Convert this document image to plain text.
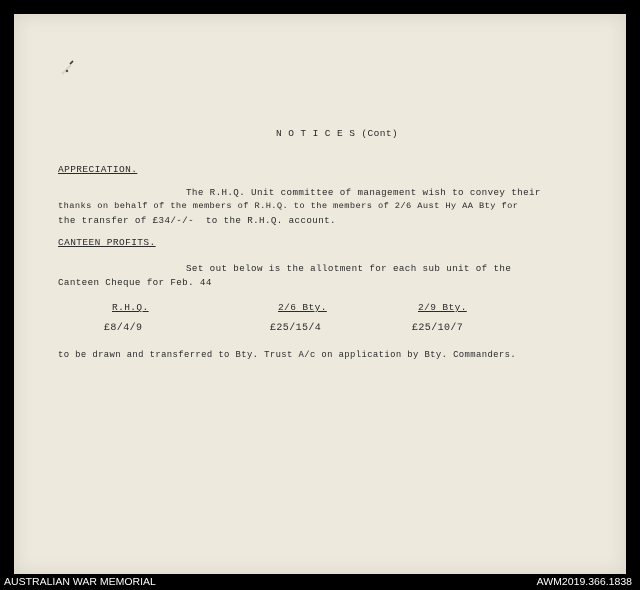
N O T I C E S (Cont)
APPRECIATION.
The R.H.Q. Unit committee of management wish to convey their
thanks on behalf of the members of R.H.Q. to the members of 2/6 Aust Hy AA Bty for
the transfer of £34/-/-  to the R.H.Q. account.
CANTEEN PROFITS.
Set out below is the allotment for each sub unit of the
Canteen Cheque for Feb. 44
R.H.Q.	2/6 Bty.	2/9 Bty.
£8/4/9	£25/15/4	£25/10/7
to be drawn and transferred to Bty. Trust A/c on application by Bty. Commanders.
AUSTRALIAN WAR MEMORIAL	AWM2019.366.1838
